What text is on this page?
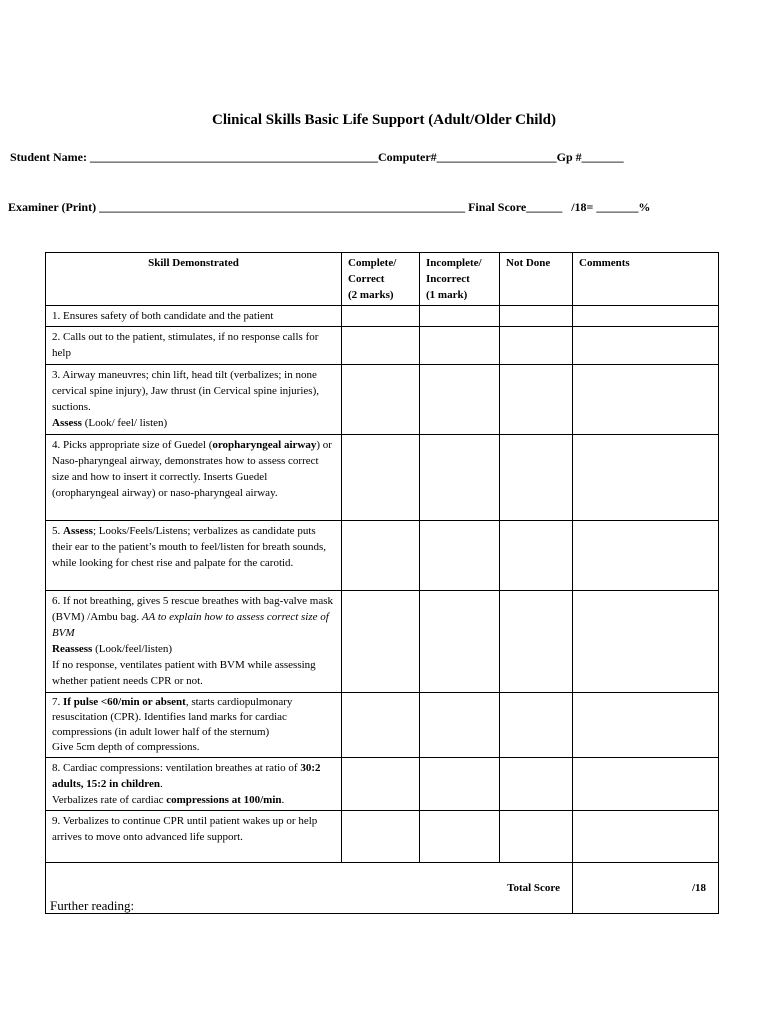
Clinical Skills Basic Life Support (Adult/Older Child)
Student Name: ________________________________________________Computer#____________________Gp #_______
Examiner (Print) _____________________________________________________________ Final Score______   /18= _______%
Skill Demonstrated	Complete/
Correct
(2 marks)	Incomplete/
Incorrect
(1 mark)	Not Done	Comments
1. Ensures safety of both candidate and the patient				
2. Calls out to the patient, stimulates, if no response calls for help				
3. Airway maneuvres; chin lift, head tilt (verbalizes; in none cervical spine injury), Jaw thrust (in Cervical spine injuries), suctions.
Assess (Look/ feel/ listen)				
4. Picks appropriate size of Guedel (oropharyngeal airway) or Naso-pharyngeal airway, demonstrates how to assess correct size and how to insert it correctly. Inserts Guedel (oropharyngeal airway) or naso-pharyngeal airway.				
5. Assess; Looks/Feels/Listens; verbalizes as candidate puts their ear to the patient’s mouth to feel/listen for breath sounds, while looking for chest rise and palpate for the carotid.				
6. If not breathing, gives 5 rescue breathes with bag-valve mask (BVM) /Ambu bag. AA to explain how to assess correct size of BVM
Reassess (Look/feel/listen)
If no response, ventilates patient with BVM while assessing whether patient needs CPR or not.				
7. If pulse <60/min or absent, starts cardiopulmonary resuscitation (CPR). Identifies land marks for cardiac compressions (in adult lower half of the sternum)
Give 5cm depth of compressions.				
8. Cardiac compressions: ventilation breathes at ratio of 30:2 adults, 15:2 in children.
Verbalizes rate of cardiac compressions at 100/min.				
9. Verbalizes to continue CPR until patient wakes up or help arrives to move onto advanced life support.				
Total Score				/18
Further reading:
